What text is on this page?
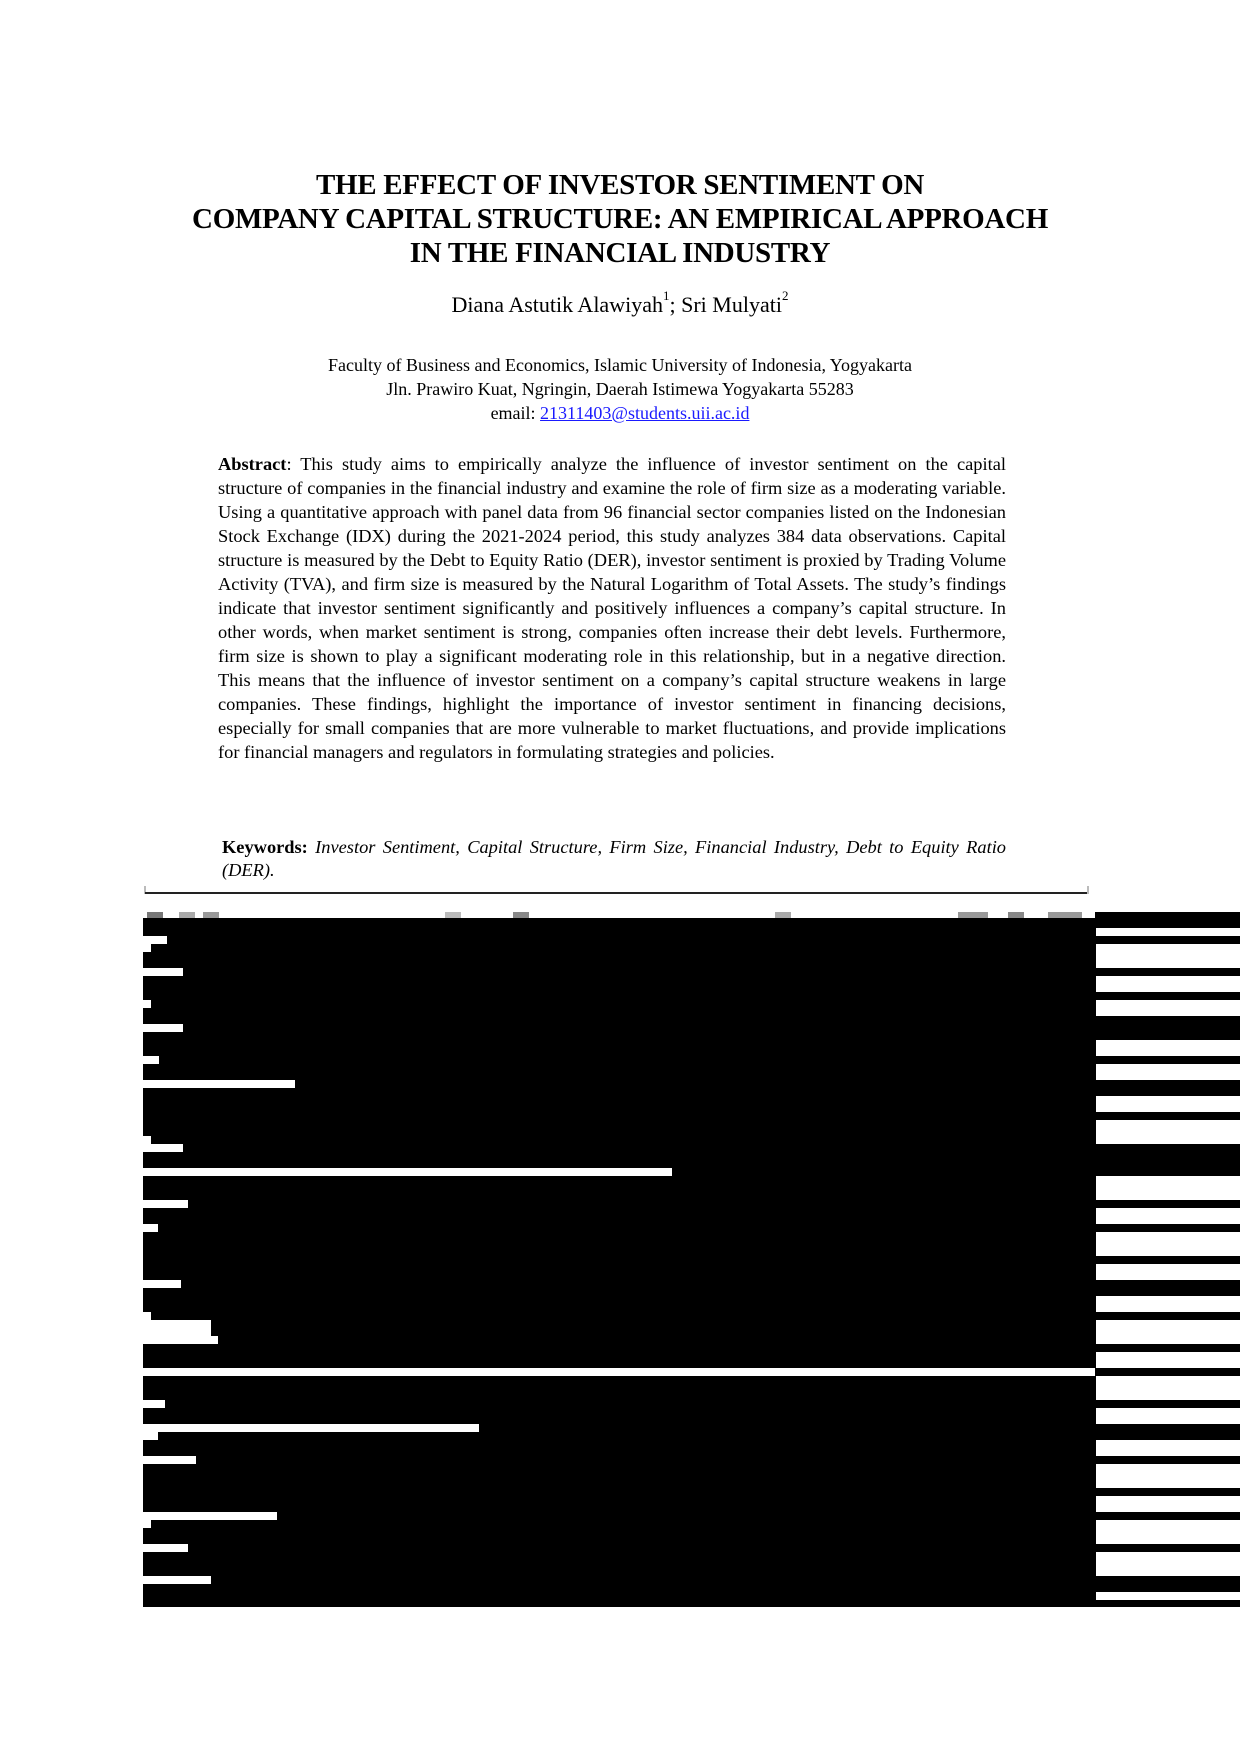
THE EFFECT OF INVESTOR SENTIMENT ON
COMPANY CAPITAL STRUCTURE: AN EMPIRICAL APPROACH
IN THE FINANCIAL INDUSTRY
Diana Astutik Alawiyah$^1$; Sri Mulyati$^2$
Faculty of Business and Economics, Islamic University of Indonesia, Yogyakarta
Jln. Prawiro Kuat, Ngringin, Daerah Istimewa Yogyakarta 55283
email: 21311403@students.uii.ac.id
Abstract: This study aims to empirically analyze the influence of investor sentiment on the capital structure of companies in the financial industry and examine the role of firm size as a moderating variable. Using a quantitative approach with panel data from 96 financial sector companies listed on the Indonesian Stock Exchange (IDX) during the 2021-2024 period, this study analyzes 384 data observations. Capital structure is measured by the Debt to Equity Ratio (DER), investor sentiment is proxied by Trading Volume Activity (TVA), and firm size is measured by the Natural Logarithm of Total Assets. The study’s findings indicate that investor sentiment significantly and positively influences a company’s capital structure. In other words, when market sentiment is strong, companies often increase their debt levels. Furthermore, firm size is shown to play a significant moderating role in this relationship, but in a negative direction. This means that the influence of investor sentiment on a company’s capital structure weakens in large companies. These findings, highlight the importance of investor sentiment in financing decisions, especially for small companies that are more vulnerable to market fluctuations, and provide implications for financial managers and regulators in formulating strategies and policies.
Keywords: Investor Sentiment, Capital Structure, Firm Size, Financial Industry, Debt to Equity Ratio (DER).
